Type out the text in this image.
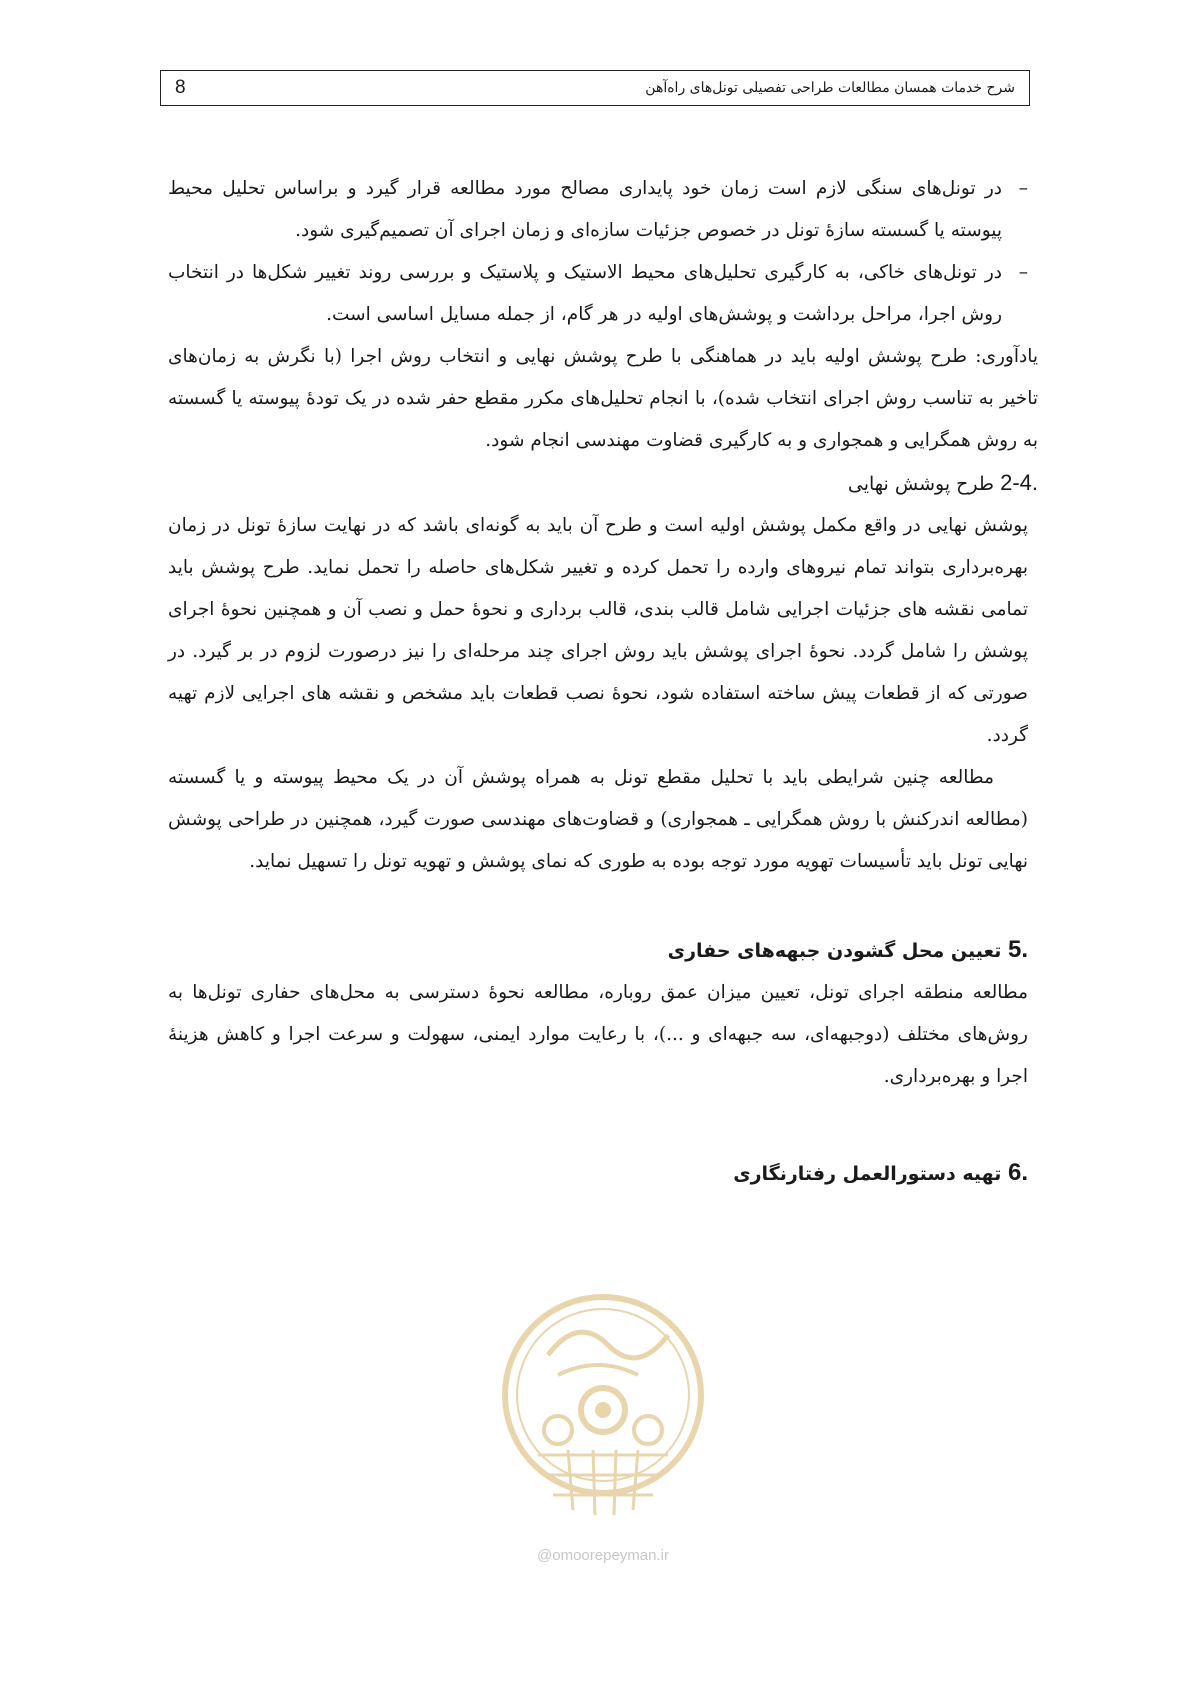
8	شرح خدمات همسان مطالعات طراحی تفصیلی تونل‌های راه‌آهن

–
در تونل‌های سنگی لازم است زمان خود پایداری مصالح مورد مطالعه قرار گیرد و براساس تحلیل محیط پیوسته یا گسسته سازۀ تونل در خصوص جزئیات سازه‌ای و زمان اجرای آن تصمیم‌گیری شود.

–
در تونل‌های خاکی، به کارگیری تحلیل‌های محیط الاستیک و پلاستیک و بررسی روند تغییر شکل‌ها در انتخاب روش اجرا، مراحل برداشت و پوشش‌های اولیه در هر گام، از جمله مسایل اساسی است.

یادآوری: طرح پوشش اولیه باید در هماهنگی با طرح پوشش نهایی و انتخاب روش اجرا (با نگرش به زمان‌های تاخیر به تناسب روش اجرای انتخاب شده)، با انجام تحلیل‌های مکرر مقطع حفر شده در یک تودۀ پیوسته یا گسسته به روش همگرایی و همجواری و به کارگیری قضاوت مهندسی انجام شود.

2-4. طرح پوشش نهایی

پوشش نهایی در واقع مکمل پوشش اولیه است و طرح آن باید به گونه‌ای باشد که در نهایت سازۀ تونل در زمان بهره‌برداری بتواند تمام نیروهای وارده را تحمل کرده و تغییر شکل‌های حاصله را تحمل نماید. طرح پوشش باید تمامی نقشه های جزئیات اجرایی شامل قالب بندی، قالب برداری و نحوۀ حمل و نصب آن و همچنین نحوۀ اجرای پوشش را شامل گردد. نحوۀ اجرای پوشش باید روش اجرای چند مرحله‌ای را نیز درصورت لزوم در بر گیرد. در صورتی که از قطعات پیش ساخته استفاده شود، نحوۀ نصب قطعات باید مشخص و نقشه های اجرایی لازم تهیه گردد.

مطالعه چنین شرایطی باید با تحلیل مقطع تونل به همراه پوشش آن در یک محیط پیوسته و یا گسسته (مطالعه اندرکنش با روش همگرایی ـ همجواری) و قضاوت‌های مهندسی صورت گیرد، همچنین در طراحی پوشش نهایی تونل باید تأسیسات تهویه مورد توجه بوده به طوری که نمای پوشش و تهویه تونل را تسهیل نماید.

5. تعیین محل گشودن جبهه‌های حفاری

مطالعه منطقه اجرای تونل، تعیین میزان عمق روباره، مطالعه نحوۀ دسترسی به محل‌های حفاری تونل‌ها به روش‌های مختلف (دوجبهه‌ای، سه جبهه‌ای و ...)، با رعایت موارد ایمنی، سهولت و سرعت اجرا و کاهش هزینۀ اجرا و بهره‌برداری.

6. تهیه دستورالعمل رفتارنگاری

@omoorepeyman.ir
